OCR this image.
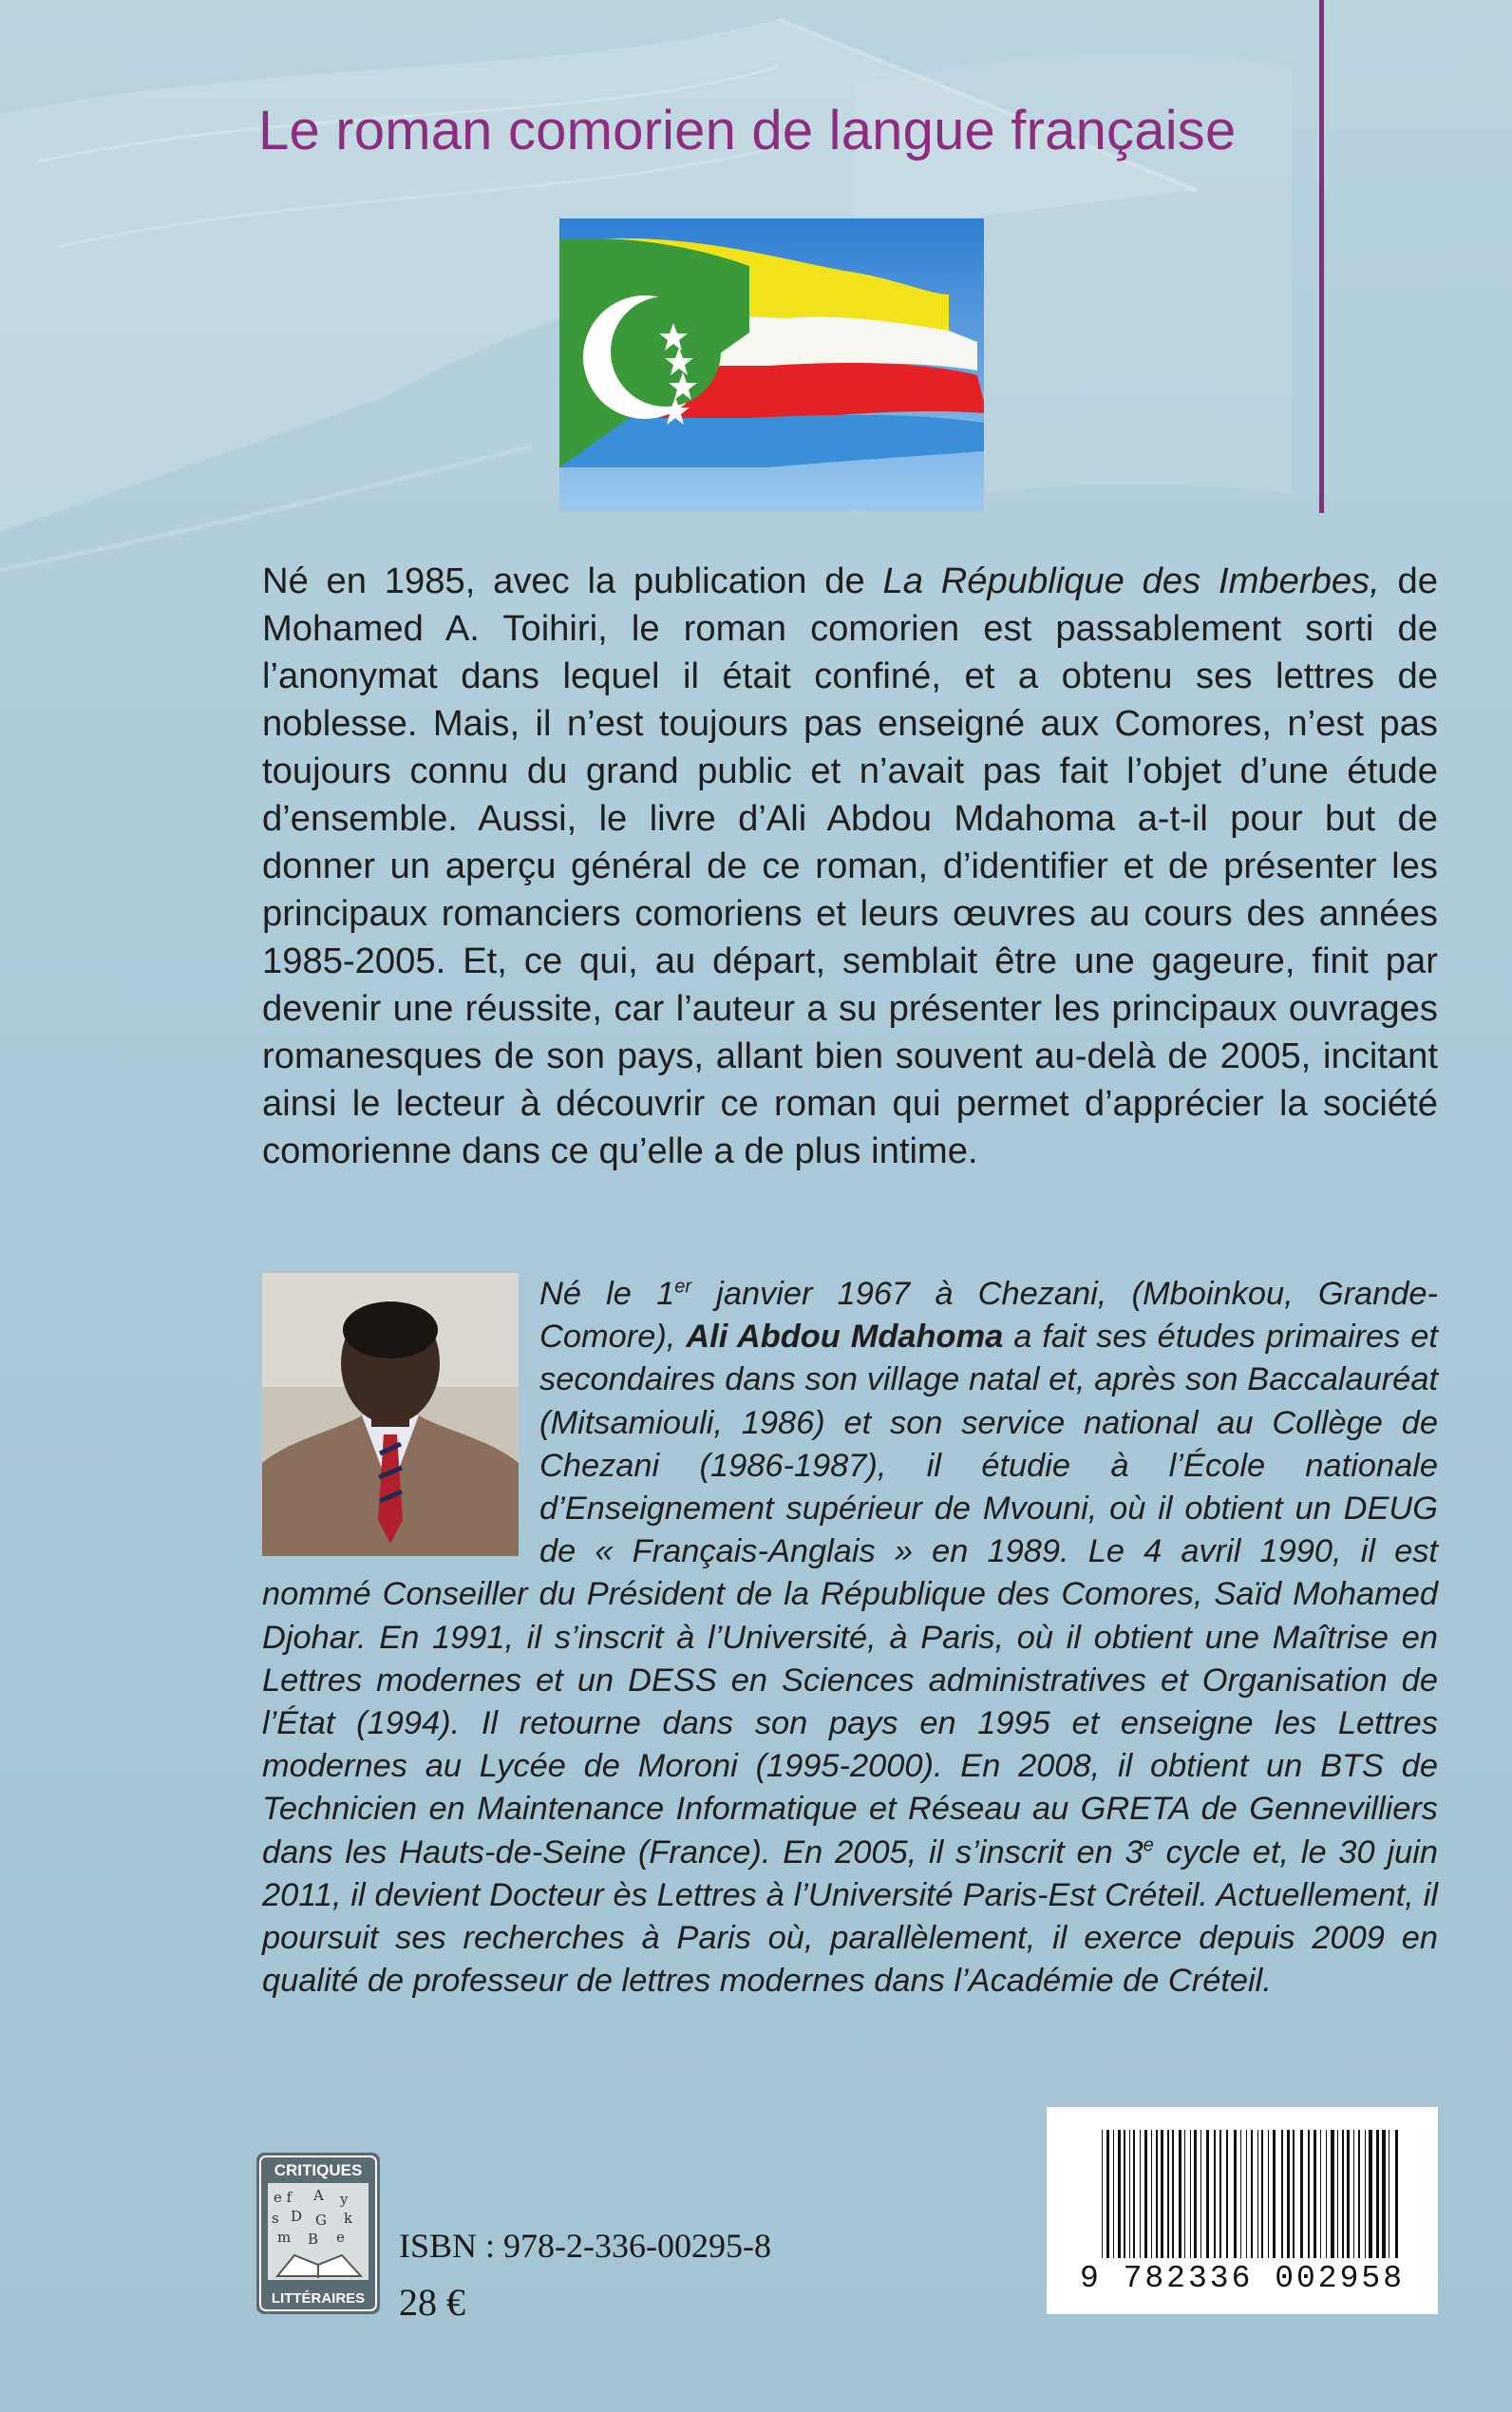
Le roman comorien de langue française

Né en 1985, avec la publication de La République des Imberbes, de Mohamed A. Toihiri, le roman comorien est passablement sorti de l’anonymat dans lequel il était confiné, et a obtenu ses lettres de noblesse. Mais, il n’est toujours pas enseigné aux Comores, n’est pas toujours connu du grand public et n’avait pas fait l’objet d’une étude d’ensemble. Aussi, le livre d’Ali Abdou Mdahoma a-t-il pour but de donner un aperçu général de ce roman, d’identifier et de présenter les principaux romanciers comoriens et leurs œuvres au cours des années 1985-2005. Et, ce qui, au départ, semblait être une gageure, finit par devenir une réussite, car l’auteur a su présenter les principaux ouvrages romanesques de son pays, allant bien souvent au-delà de 2005, incitant ainsi le lecteur à découvrir ce roman qui permet d’apprécier la société comorienne dans ce qu’elle a de plus intime.

Né le 1er janvier 1967 à Chezani, (Mboinkou, Grande-Comore), Ali Abdou Mdahoma a fait ses études primaires et secondaires dans son village natal et, après son Baccalauréat (Mitsamiouli, 1986) et son service national au Collège de Chezani (1986-1987), il étudie à l’École nationale d’Enseignement supérieur de Mvouni, où il obtient un DEUG de « Français-Anglais » en 1989. Le 4 avril 1990, il est nommé Conseiller du Président de la République des Comores, Saïd Mohamed Djohar. En 1991, il s’inscrit à l’Université, à Paris, où il obtient une Maîtrise en Lettres modernes et un DESS en Sciences administratives et Organisation de l’État (1994). Il retourne dans son pays en 1995 et enseigne les Lettres modernes au Lycée de Moroni (1995-2000). En 2008, il obtient un BTS de Technicien en Maintenance Informatique et Réseau au GRETA de Gennevilliers dans les Hauts-de-Seine (France). En 2005, il s’inscrit en 3e cycle et, le 30 juin 2011, il devient Docteur ès Lettres à l’Université Paris-Est Créteil. Actuellement, il poursuit ses recherches à Paris où, parallèlement, il exerce depuis 2009 en qualité de professeur de lettres modernes dans l’Académie de Créteil.
CRITIQUES
e f A y
s D G k
m B e
LITTÉRAIRES
ISBN : 978-2-336-00295-8
28 €
9 782336 002958
